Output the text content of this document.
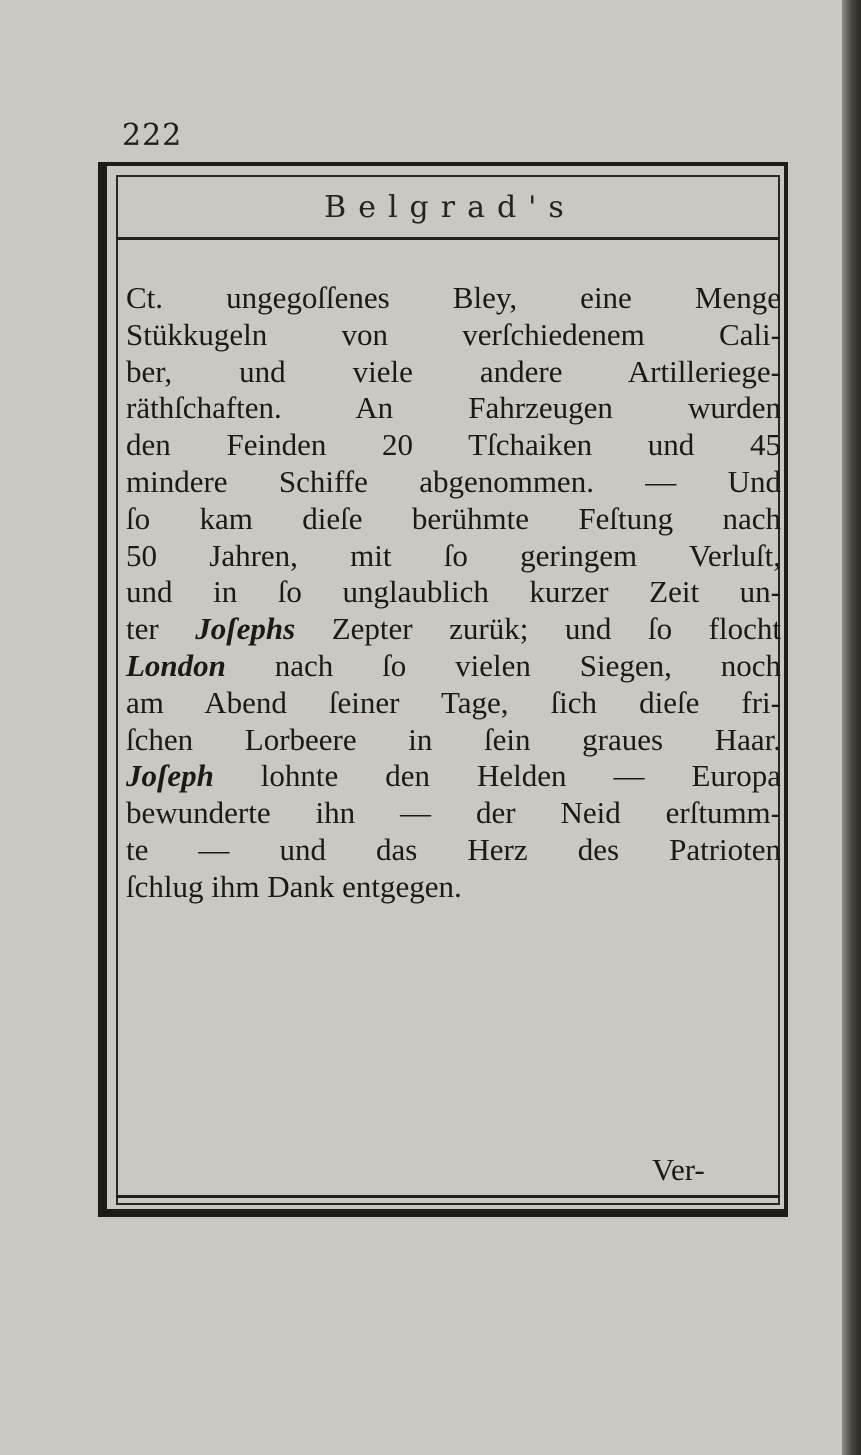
222

Belgrad's

Ct. ungegoſſenes Bley, eine Menge
Stükkugeln von verſchiedenem Cali-
ber, und viele andere Artilleriege-
räthſchaften. An Fahrzeugen wurden
den Feinden 20 Tſchaiken und 45
mindere Schiffe abgenommen. — Und
ſo kam dieſe berühmte Feſtung nach
50 Jahren, mit ſo geringem Verluſt,
und in ſo unglaublich kurzer Zeit un-
ter Joſephs Zepter zurük; und ſo flocht
London nach ſo vielen Siegen, noch
am Abend ſeiner Tage, ſich dieſe fri-
ſchen Lorbeere in ſein graues Haar.
Joſeph lohnte den Helden — Europa
bewunderte ihn — der Neid erſtumm-
te — und das Herz des Patrioten
ſchlug ihm Dank entgegen.

Ver-
